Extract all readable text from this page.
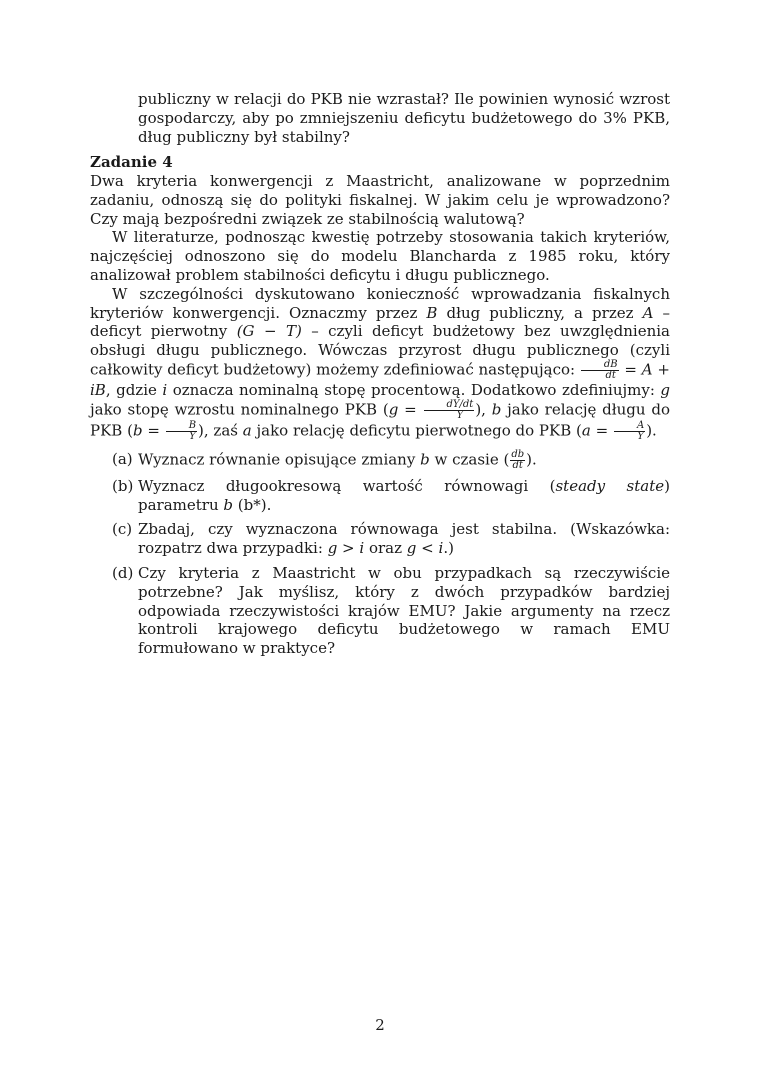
publiczny w relacji do PKB nie wzrastał? Ile powinien wynosić wzrost gospodarczy, aby po zmniejszeniu deficytu budżetowego do 3% PKB, dług publiczny był stabilny?
Zadanie 4

Dwa kryteria konwergencji z Maastricht, analizowane w poprzednim zadaniu, odnoszą się do polityki fiskalnej. W jakim celu je wprowadzono? Czy mają bezpośredni związek ze stabilnością walutową?

W literaturze, podnosząc kwestię potrzeby stosowania takich kryteriów, najczęściej odnoszono się do modelu Blancharda z 1985 roku, który analizował problem stabilności deficytu i długu publicznego.

W szczególności dyskutowano konieczność wprowadzania fiskalnych kryteriów konwergencji. Oznaczmy przez B dług publiczny, a przez A – deficyt pierwotny (G − T) – czyli deficyt budżetowy bez uwzględnienia obsługi długu publicznego. Wówczas przyrost długu publicznego (czyli całkowity deficyt budżetowy) możemy zdefiniować następująco: $\frac{dB}{dt} = A$ + iB, gdzie i oznacza nominalną stopę procentową. Dodatkowo zdefiniujmy: g jako stopę wzrostu nominalnego PKB ($g = \frac{dY/dt}{Y}$ ), b jako relację długu do PKB ($b = \frac{B}{Y}$ ), zaś a jako relację deficytu pierwotnego do PKB ($a = \frac{A}{Y}$ ).

(a) Wyznacz równanie opisujące zmiany b w czasie ( $\frac{db}{dt}$ ).
(b) Wyznacz długookresową wartość równowagi (steady state) parametru b (b*).
(c) Zbadaj, czy wyznaczona równowaga jest stabilna. (Wskazówka: rozpatrz dwa przypadki: g > i oraz g < i.)
(d) Czy kryteria z Maastricht w obu przypadkach są rzeczywiście potrzebne? Jak myślisz, który z dwóch przypadków bardziej odpowiada rzeczywistości krajów EMU? Jakie argumenty na rzecz kontroli krajowego deficytu budżetowego w ramach EMU formułowano w praktyce?
2
